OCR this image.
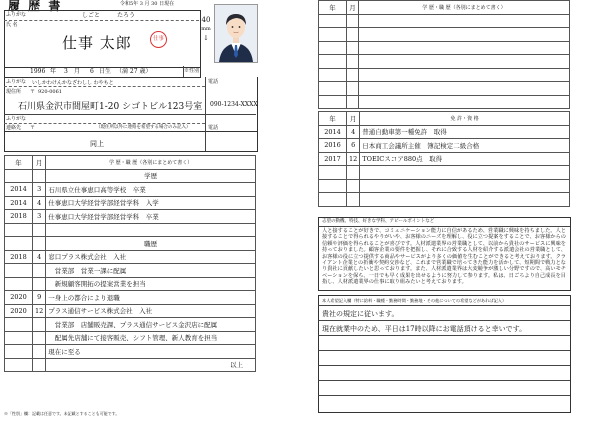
履 歴 書	令和5年 3 月 30 日現在
ふりがな	しごと	たろう
氏 名
仕事 太郎	仕事
1996 年 3 月 6 日生 （満 27 歳）	※性別
40
mm
↓
ふりがな いしかわけんかなざわしし わやもと
現住所 〒 920-0061
石川県金沢市間屋町1-20 シゴトビル123号室
電話
090-1234-XXXX
ふりがな
連絡先 〒	（現住所以外に連絡を希望する場合のみ記入）
同上
電話
年	月	学 歴・職 歴（各別にまとめて書く）
		学歴
2014	3	石川県立仕事恵口高等学校　卒業
2014	4	仕事恵口大学経営学部経営学科　入学
2018	3	仕事恵口大学経営学部経営学科　卒業

		職歴
2018	4	窓口プラス株式会社　入社
		　営業部　営業一課に配属
		　新規顧客開拓の提案営業を担当
2020	9	一身上の都合により退職
2020	12	プラス通信サービス株式会社　入社
		　営業部　店舗販売課、プラス通信サービス金沢店に配属
		　配属先店舗にて接客販売、シフト管理、新人教育を担当
		現在に至る
		以上
※「性別」欄：記載は任意です。未記載とすることも可能です。
年	月	学 歴・職 歴（各別にまとめて書く）

年	月	免 許・資 格
2014	4	普通自動車第一種免許　取得
2016	6	日本商工会議所主催　簿記検定二級合格
2017	12	TOEICスコア880点　取得

志望の動機、特技、好きな学科、アピールポイントなど
人と接することが好きで、コミュニケーション能力に自信があるため、営業職に興味を持ちました。人と接することで得られるやりがいや、お客様のニーズを理解し、役に立つ提案をすることで、お客様からの信頼や評価を得られることが喜びです。人材派遣業界の営業職として、以前から貴社のサービスに興味を持っておりました。顧客企業の要件を把握し、それに合致する人材を紹介する派遣会社の営業職として、お客様の役に立つ提供する商品やサービスがより多くの価値を生むことができると考えております。クライアント企業との折衝や契約交渉など、これまで営業職で培ってきた能力を活かして、短期間で戦力となり貴社に貢献したいと思っております。また、人材派遣業界は大変競争が激しい分野ですので、高いモチベーションを保ち、一日でも早く成果を出せるように努力して参ります。私は、日ごろより自己成長を目指し、人材派遣業界の仕事に取り組みたいと考えております。
本人希望記入欄（特に給料・職種・勤務時間・勤務地・その他についての希望などがあれば記入）
貴社の規定に従います。
現在就業中のため、平日は17時以降にお電話頂けると幸いです。
